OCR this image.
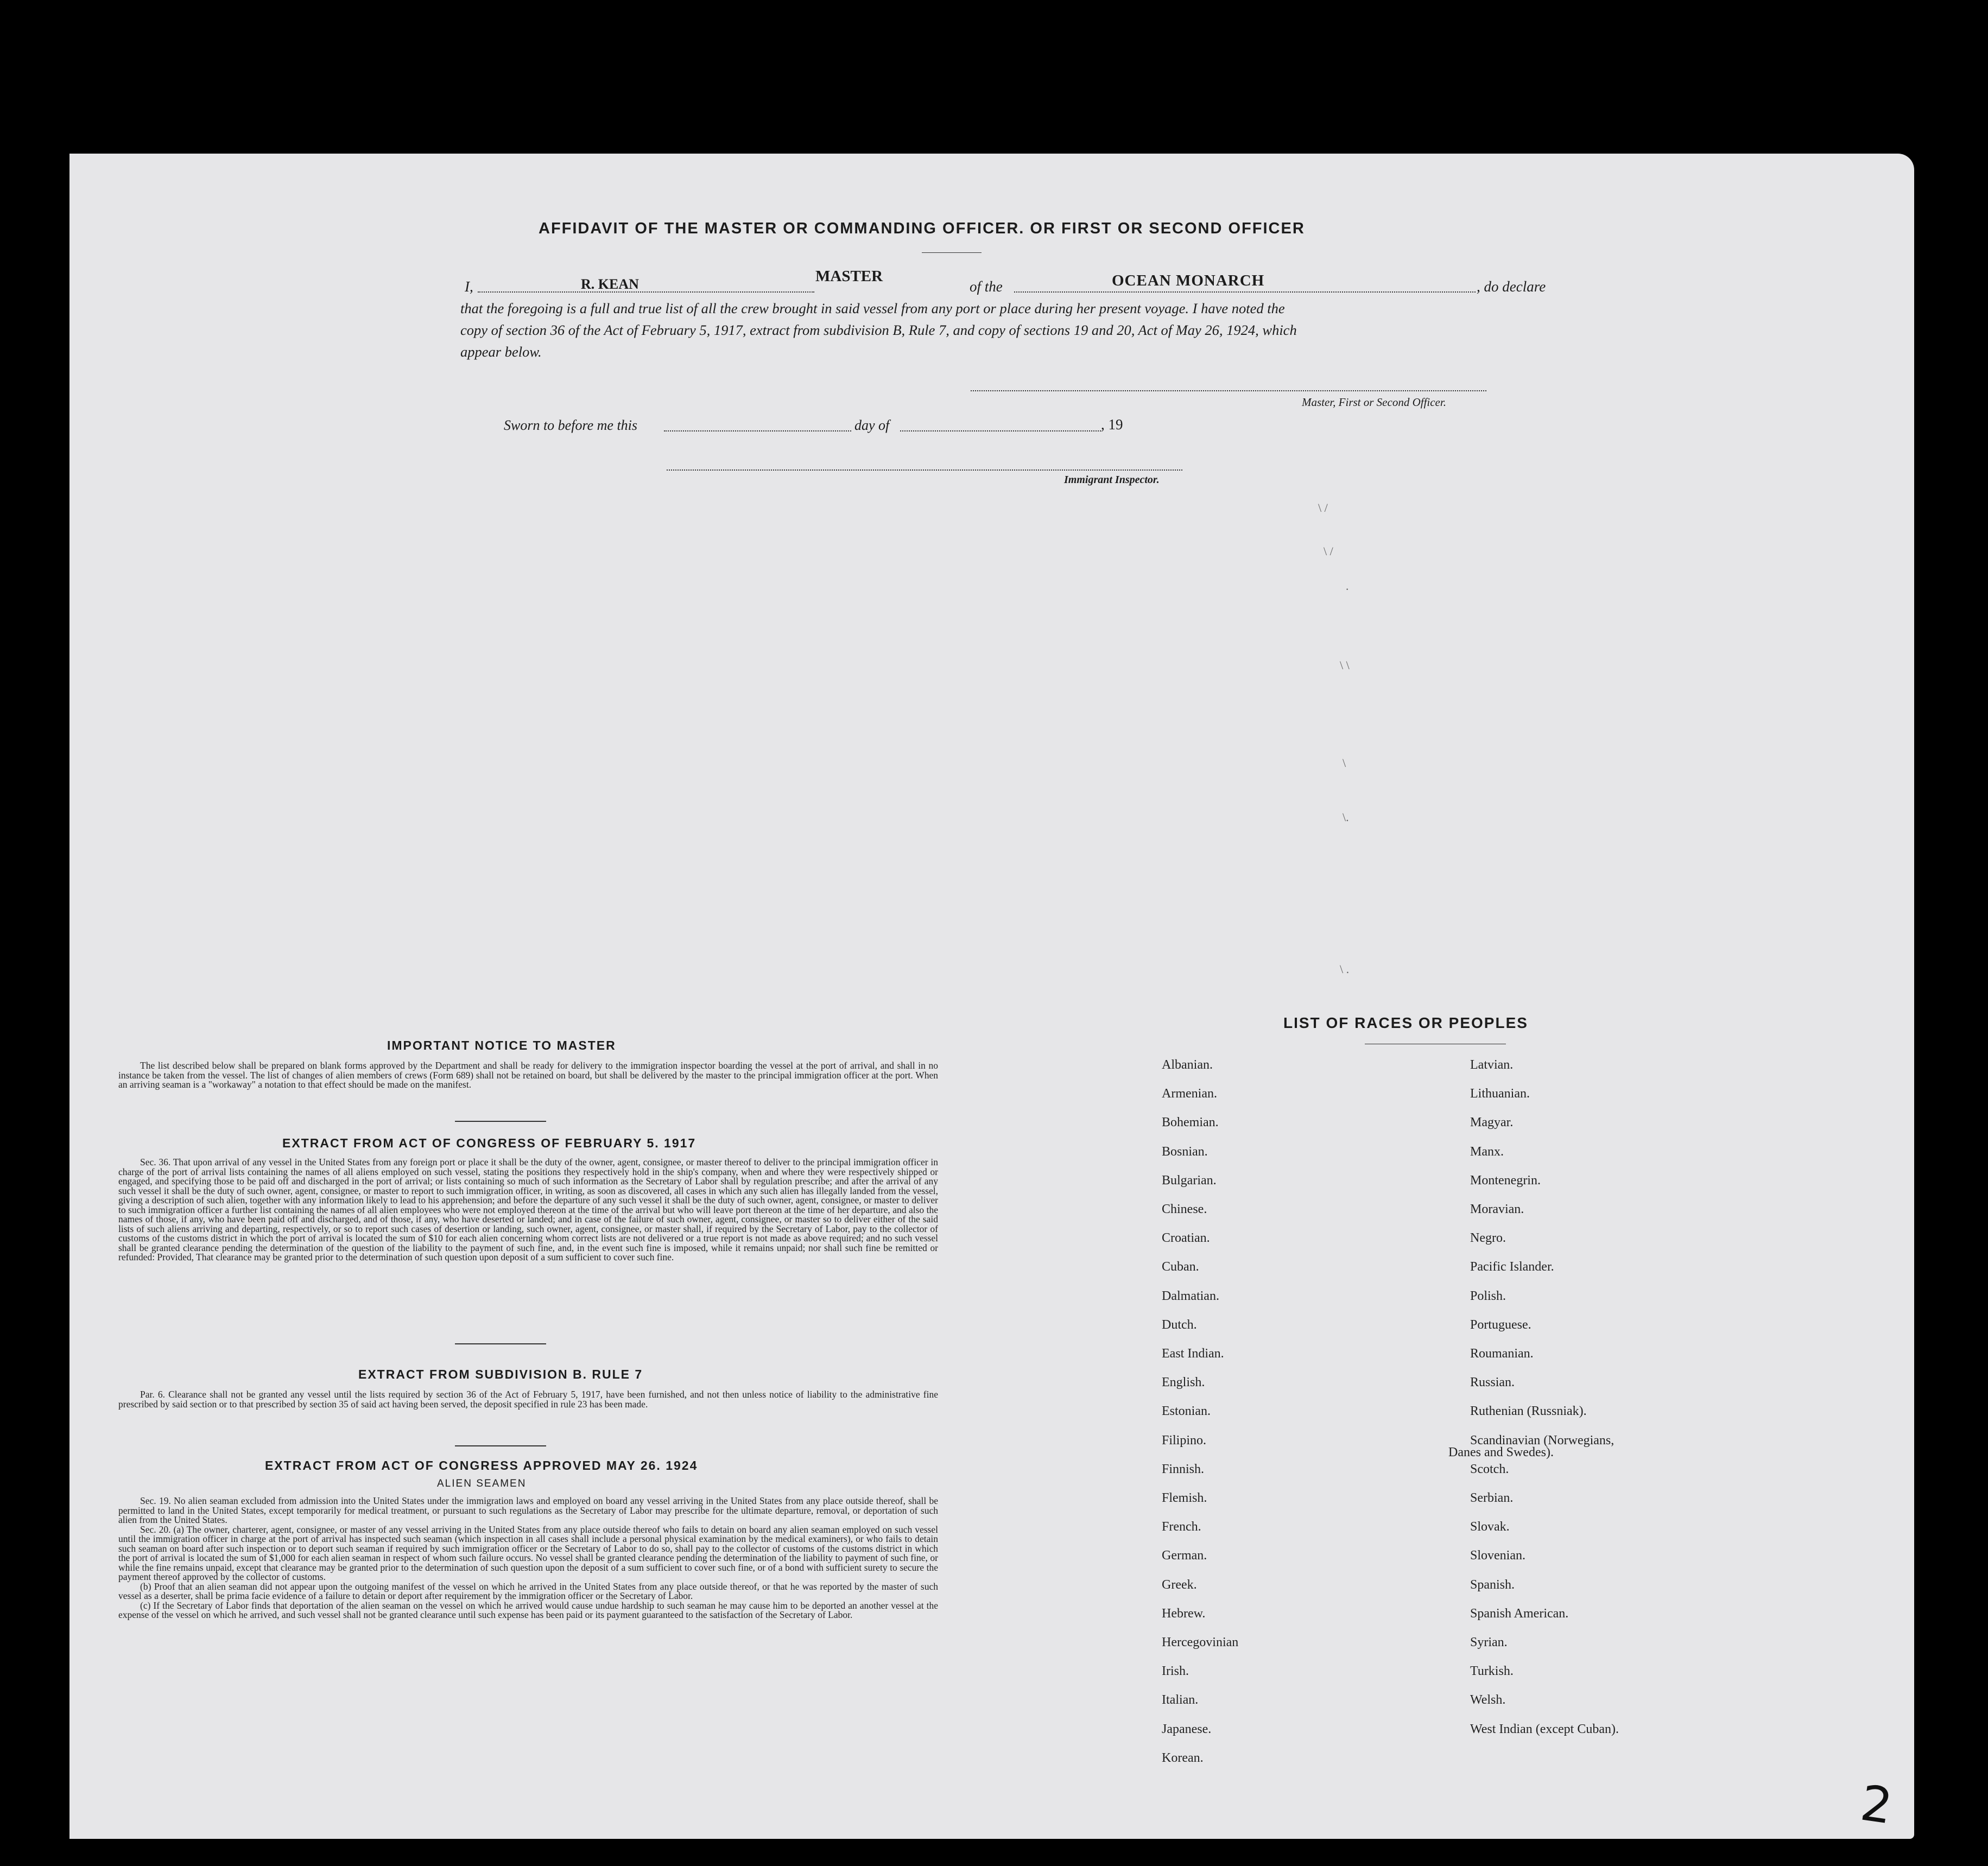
AFFIDAVIT OF THE MASTER OR COMMANDING OFFICER. OR FIRST OR SECOND OFFICER
I,	R. KEAN	MASTER
of the	OCEAN MONARCH	, do declare
that the foregoing is a full and true list of all the crew brought in said vessel from any port or place during her present voyage. I have noted the
copy of section 36 of the Act of February 5, 1917, extract from subdivision B, Rule 7, and copy of sections 19 and 20, Act of May 26, 1924, which
appear below.
Master, First or Second Officer.
Sworn to before me this	day of	, 19
Immigrant Inspector.
\ /
\ /
·
\ \
\
\.
\ .
IMPORTANT NOTICE TO MASTER

The list described below shall be prepared on blank forms approved by the Department and shall be ready for delivery to the immigration inspector boarding the vessel at the port of arrival, and shall in no instance be taken from the vessel. The list of changes of alien members of crews (Form 689) shall not be retained on board, but shall be delivered by the master to the principal immigration officer at the port. When an arriving seaman is a "workaway" a notation to that effect should be made on the manifest.

EXTRACT FROM ACT OF CONGRESS OF FEBRUARY 5. 1917

Sec. 36. That upon arrival of any vessel in the United States from any foreign port or place it shall be the duty of the owner, agent, consignee, or master thereof to deliver to the principal immigration officer in charge of the port of arrival lists containing the names of all aliens employed on such vessel, stating the positions they respectively hold in the ship's company, when and where they were respectively shipped or engaged, and specifying those to be paid off and discharged in the port of arrival; or lists containing so much of such information as the Secretary of Labor shall by regulation prescribe; and after the arrival of any such vessel it shall be the duty of such owner, agent, consignee, or master to report to such immigration officer, in writing, as soon as discovered, all cases in which any such alien has illegally landed from the vessel, giving a description of such alien, together with any information likely to lead to his apprehension; and before the departure of any such vessel it shall be the duty of such owner, agent, consignee, or master to deliver to such immigration officer a further list containing the names of all alien employees who were not employed thereon at the time of the arrival but who will leave port thereon at the time of her departure, and also the names of those, if any, who have been paid off and discharged, and of those, if any, who have deserted or landed; and in case of the failure of such owner, agent, consignee, or master so to deliver either of the said lists of such aliens arriving and departing, respectively, or so to report such cases of desertion or landing, such owner, agent, consignee, or master shall, if required by the Secretary of Labor, pay to the collector of customs of the customs district in which the port of arrival is located the sum of $10 for each alien concerning whom correct lists are not delivered or a true report is not made as above required; and no such vessel shall be granted clearance pending the determination of the question of the liability to the payment of such fine, and, in the event such fine is imposed, while it remains unpaid; nor shall such fine be remitted or refunded: Provided, That clearance may be granted prior to the determination of such question upon deposit of a sum sufficient to cover such fine.

EXTRACT FROM SUBDIVISION B. RULE 7

Par. 6. Clearance shall not be granted any vessel until the lists required by section 36 of the Act of February 5, 1917, have been furnished, and not then unless notice of liability to the administrative fine prescribed by said section or to that prescribed by section 35 of said act having been served, the deposit specified in rule 23 has been made.

EXTRACT FROM ACT OF CONGRESS APPROVED MAY 26. 1924
ALIEN SEAMEN

Sec. 19. No alien seaman excluded from admission into the United States under the immigration laws and employed on board any vessel arriving in the United States from any place outside thereof, shall be permitted to land in the United States, except temporarily for medical treatment, or pursuant to such regulations as the Secretary of Labor may prescribe for the ultimate departure, removal, or deportation of such alien from the United States.

Sec. 20. (a) The owner, charterer, agent, consignee, or master of any vessel arriving in the United States from any place outside thereof who fails to detain on board any alien seaman employed on such vessel until the immigration officer in charge at the port of arrival has inspected such seaman (which inspection in all cases shall include a personal physical examination by the medical examiners), or who fails to detain such seaman on board after such inspection or to deport such seaman if required by such immigration officer or the Secretary of Labor to do so, shall pay to the collector of customs of the customs district in which the port of arrival is located the sum of $1,000 for each alien seaman in respect of whom such failure occurs. No vessel shall be granted clearance pending the determination of the liability to payment of such fine, or while the fine remains unpaid, except that clearance may be granted prior to the determination of such question upon the deposit of a sum sufficient to cover such fine, or of a bond with sufficient surety to secure the payment thereof approved by the collector of customs.

(b) Proof that an alien seaman did not appear upon the outgoing manifest of the vessel on which he arrived in the United States from any place outside thereof, or that he was reported by the master of such vessel as a deserter, shall be prima facie evidence of a failure to detain or deport after requirement by the immigration officer or the Secretary of Labor.

(c) If the Secretary of Labor finds that deportation of the alien seaman on the vessel on which he arrived would cause undue hardship to such seaman he may cause him to be deported an another vessel at the expense of the vessel on which he arrived, and such vessel shall not be granted clearance until such expense has been paid or its payment guaranteed to the satisfaction of the Secretary of Labor.

LIST OF RACES OR PEOPLES
Danes and Swedes).
2
Albanian.
Armenian.
Bohemian.
Bosnian.
Bulgarian.
Chinese.
Croatian.
Cuban.
Dalmatian.
Dutch.
East Indian.
English.
Estonian.
Filipino.
Finnish.
Flemish.
French.
German.
Greek.
Hebrew.
Hercegovinian
Irish.
Italian.
Japanese.
Korean.
Latvian.
Lithuanian.
Magyar.
Manx.
Montenegrin.
Moravian.
Negro.
Pacific Islander.
Polish.
Portuguese.
Roumanian.
Russian.
Ruthenian (Russniak).
Scandinavian (Norwegians,
Scotch.
Serbian.
Slovak.
Slovenian.
Spanish.
Spanish American.
Syrian.
Turkish.
Welsh.
West Indian (except Cuban).
